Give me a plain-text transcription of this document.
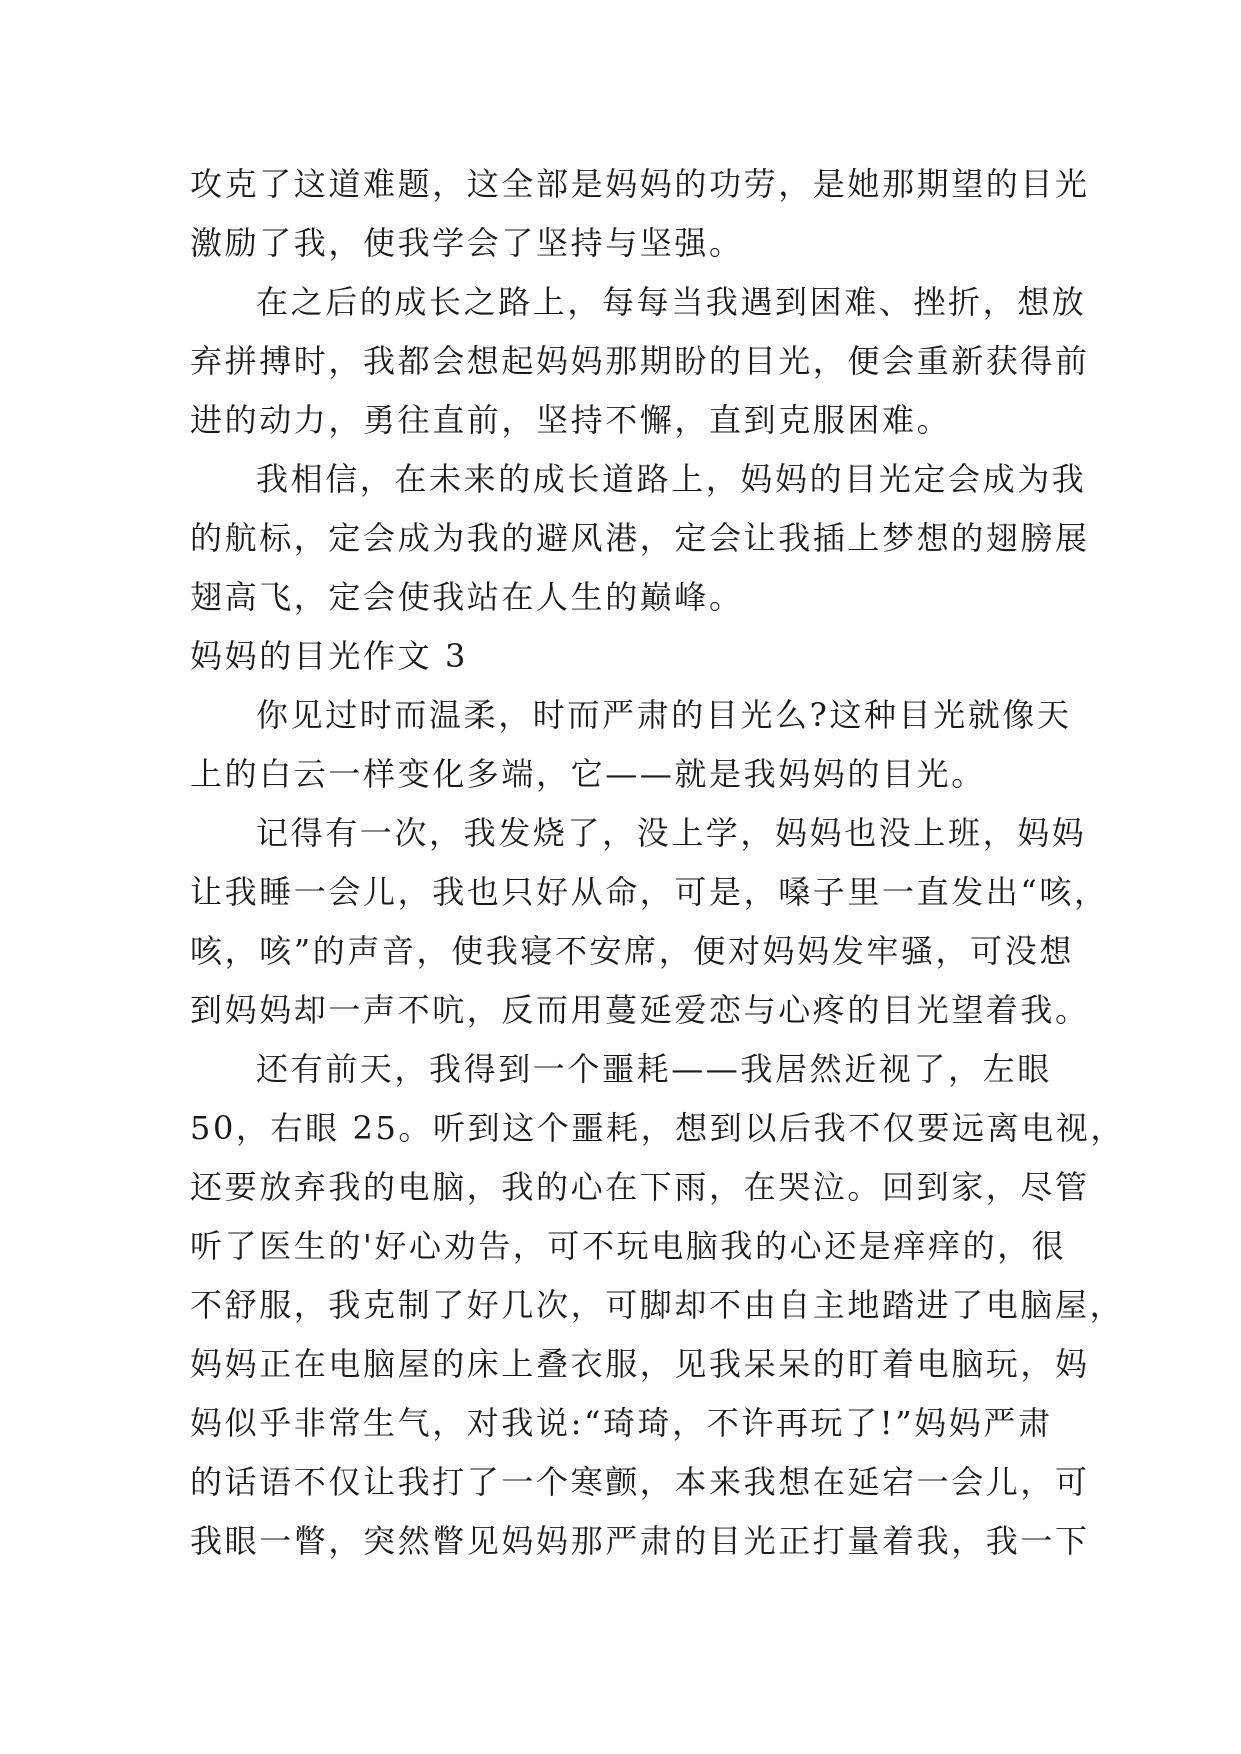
攻克了这道难题，这全部是妈妈的功劳，是她那期望的目光
激励了我，使我学会了坚持与坚强。
在之后的成长之路上，每每当我遇到困难、挫折，想放
弃拼搏时，我都会想起妈妈那期盼的目光，便会重新获得前
进的动力，勇往直前，坚持不懈，直到克服困难。
我相信，在未来的成长道路上，妈妈的目光定会成为我
的航标，定会成为我的避风港，定会让我插上梦想的翅膀展
翅高飞，定会使我站在人生的巅峰。
妈妈的目光作文 3
你见过时而温柔，时而严肃的目光么?这种目光就像天
上的白云一样变化多端，它——就是我妈妈的目光。
记得有一次，我发烧了，没上学，妈妈也没上班，妈妈
让我睡一会儿，我也只好从命，可是，嗓子里一直发出“咳，
咳，咳”的声音，使我寝不安席，便对妈妈发牢骚，可没想
到妈妈却一声不吭，反而用蔓延爱恋与心疼的目光望着我。
还有前天，我得到一个噩耗——我居然近视了，左眼
50，右眼 25。听到这个噩耗，想到以后我不仅要远离电视，
还要放弃我的电脑，我的心在下雨，在哭泣。回到家，尽管
听了医生的'好心劝告，可不玩电脑我的心还是痒痒的，很
不舒服，我克制了好几次，可脚却不由自主地踏进了电脑屋，
妈妈正在电脑屋的床上叠衣服，见我呆呆的盯着电脑玩，妈
妈似乎非常生气，对我说:“琦琦，不许再玩了!”妈妈严肃
的话语不仅让我打了一个寒颤，本来我想在延宕一会儿，可
我眼一瞥，突然瞥见妈妈那严肃的目光正打量着我，我一下
